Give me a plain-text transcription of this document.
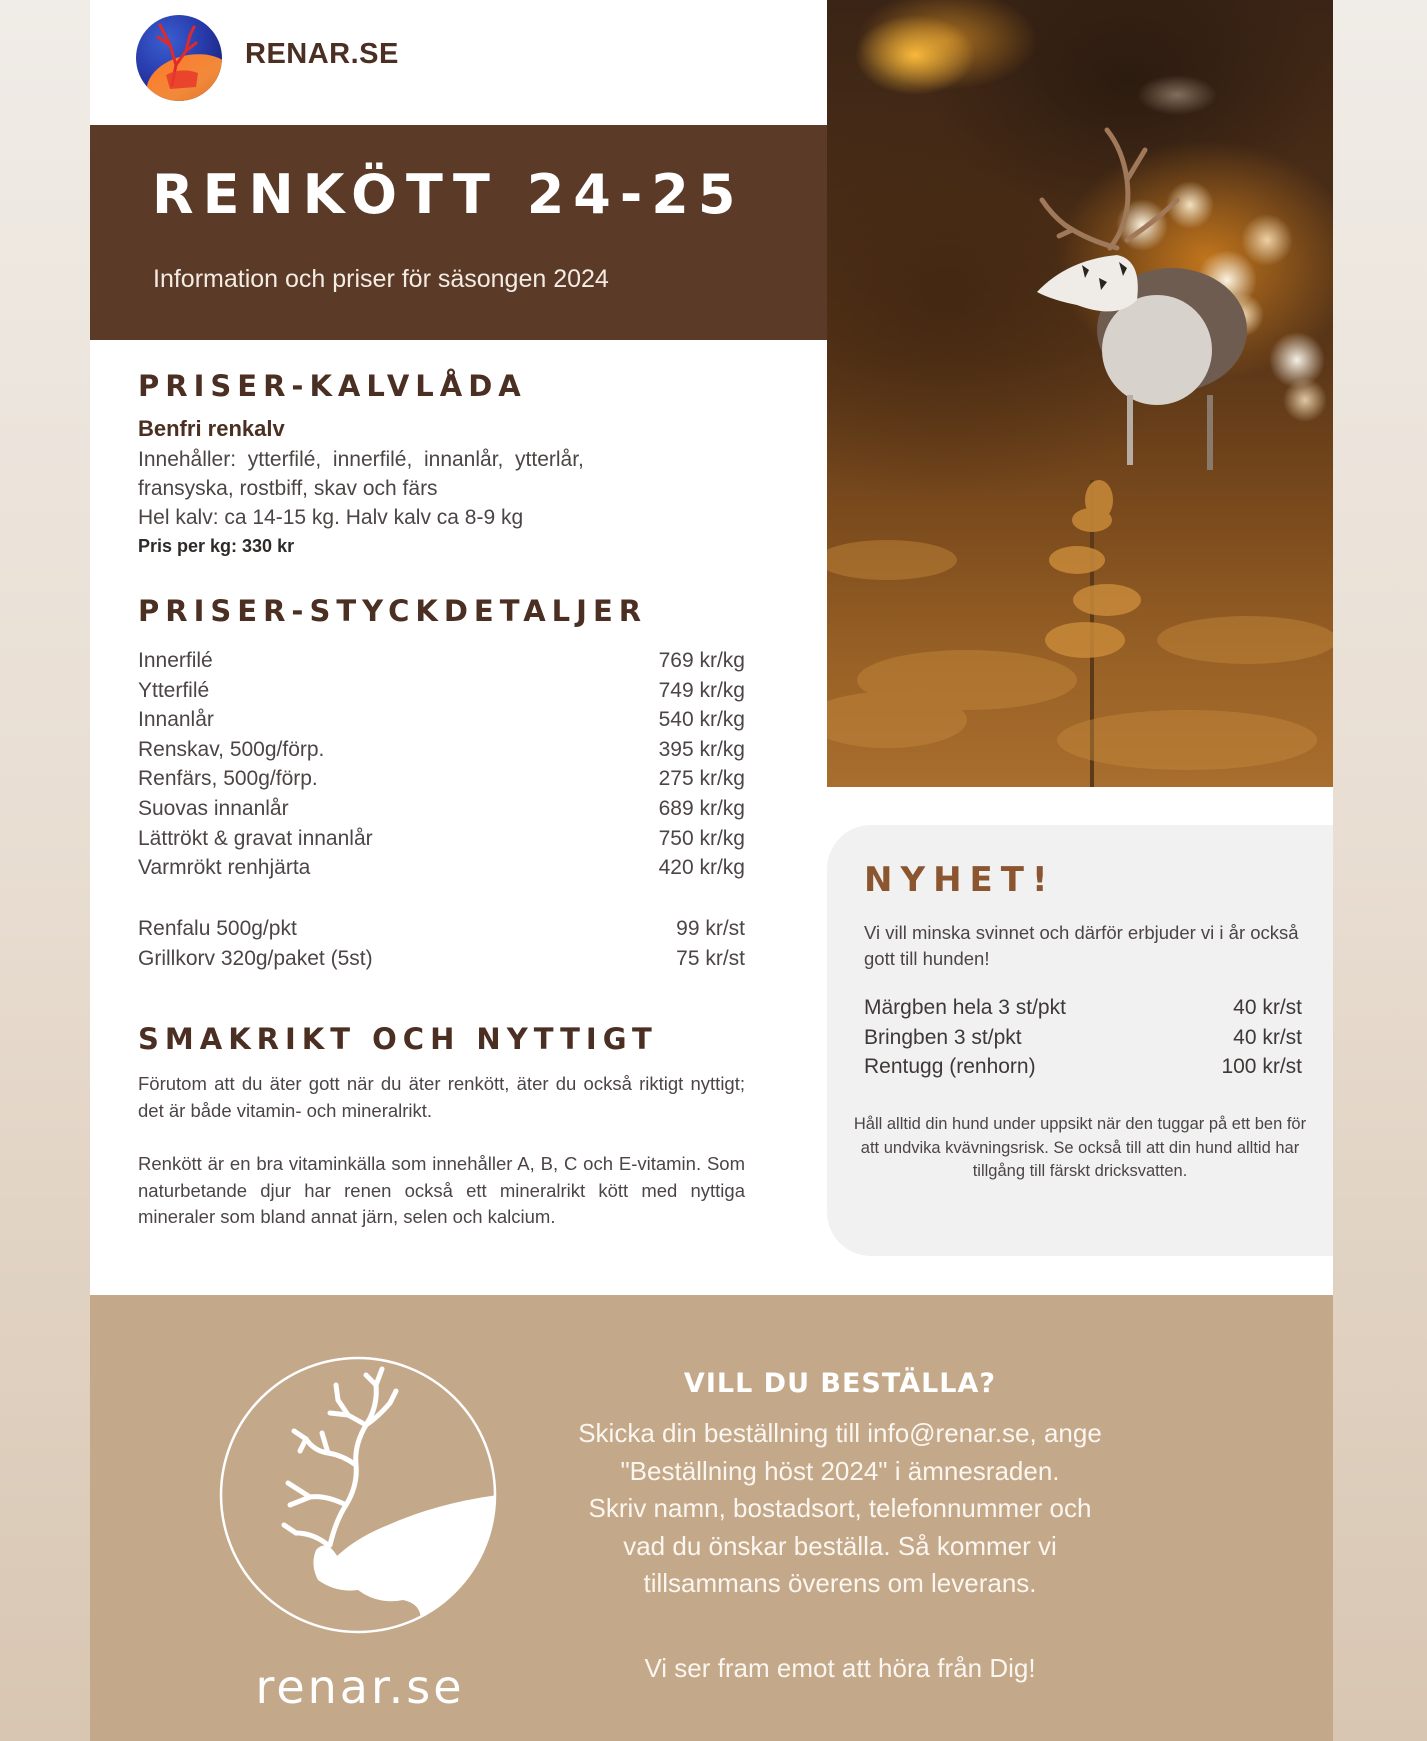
RENAR.SE
RENKÖTT 24-25
Information och priser för säsongen 2024
PRISER-KALVLÅDA
Benfri renkalv
Innehåller:  ytterfilé,  innerfilé,  innanlår,  ytterlår,
fransyska, rostbiff, skav och färs
Hel kalv: ca 14-15 kg. Halv kalv ca 8-9 kg
Pris per kg: 330 kr
PRISER-STYCKDETALJER
Innerfilé	769 kr/kg
Ytterfilé	749 kr/kg
Innanlår	540 kr/kg
Renskav, 500g/förp.	395 kr/kg
Renfärs, 500g/förp.	275 kr/kg
Suovas innanlår	689 kr/kg
Lättrökt & gravat innanlår	750 kr/kg
Varmrökt renhjärta	420 kr/kg
Renfalu 500g/pkt	99 kr/st
Grillkorv 320g/paket (5st)	75 kr/st
SMAKRIKT OCH NYTTIGT
Förutom att du äter gott när du äter renkött, äter du också riktigt nyttigt; det är både vitamin- och mineralrikt.
Renkött är en bra vitaminkälla som innehåller A, B, C och E-vitamin. Som naturbetande djur har renen också ett mineralrikt kött med nyttiga mineraler som bland annat järn, selen och kalcium.
NYHET!
Vi vill minska svinnet och därför erbjuder vi i år också gott till hunden!
Märgben hela 3 st/pkt	40 kr/st
Bringben 3 st/pkt	40 kr/st
Rentugg (renhorn)	100 kr/st
Håll alltid din hund under uppsikt när den tuggar på ett ben för att undvika kvävningsrisk. Se också till att din hund alltid har tillgång till färskt dricksvatten.
renar.se
VILL DU BESTÄLLA?
Skicka din beställning till info@renar.se, ange
"Beställning höst 2024" i ämnesraden.
Skriv namn, bostadsort, telefonnummer och
vad du önskar beställa. Så kommer vi
tillsammans överens om leverans.
Vi ser fram emot att höra från Dig!
